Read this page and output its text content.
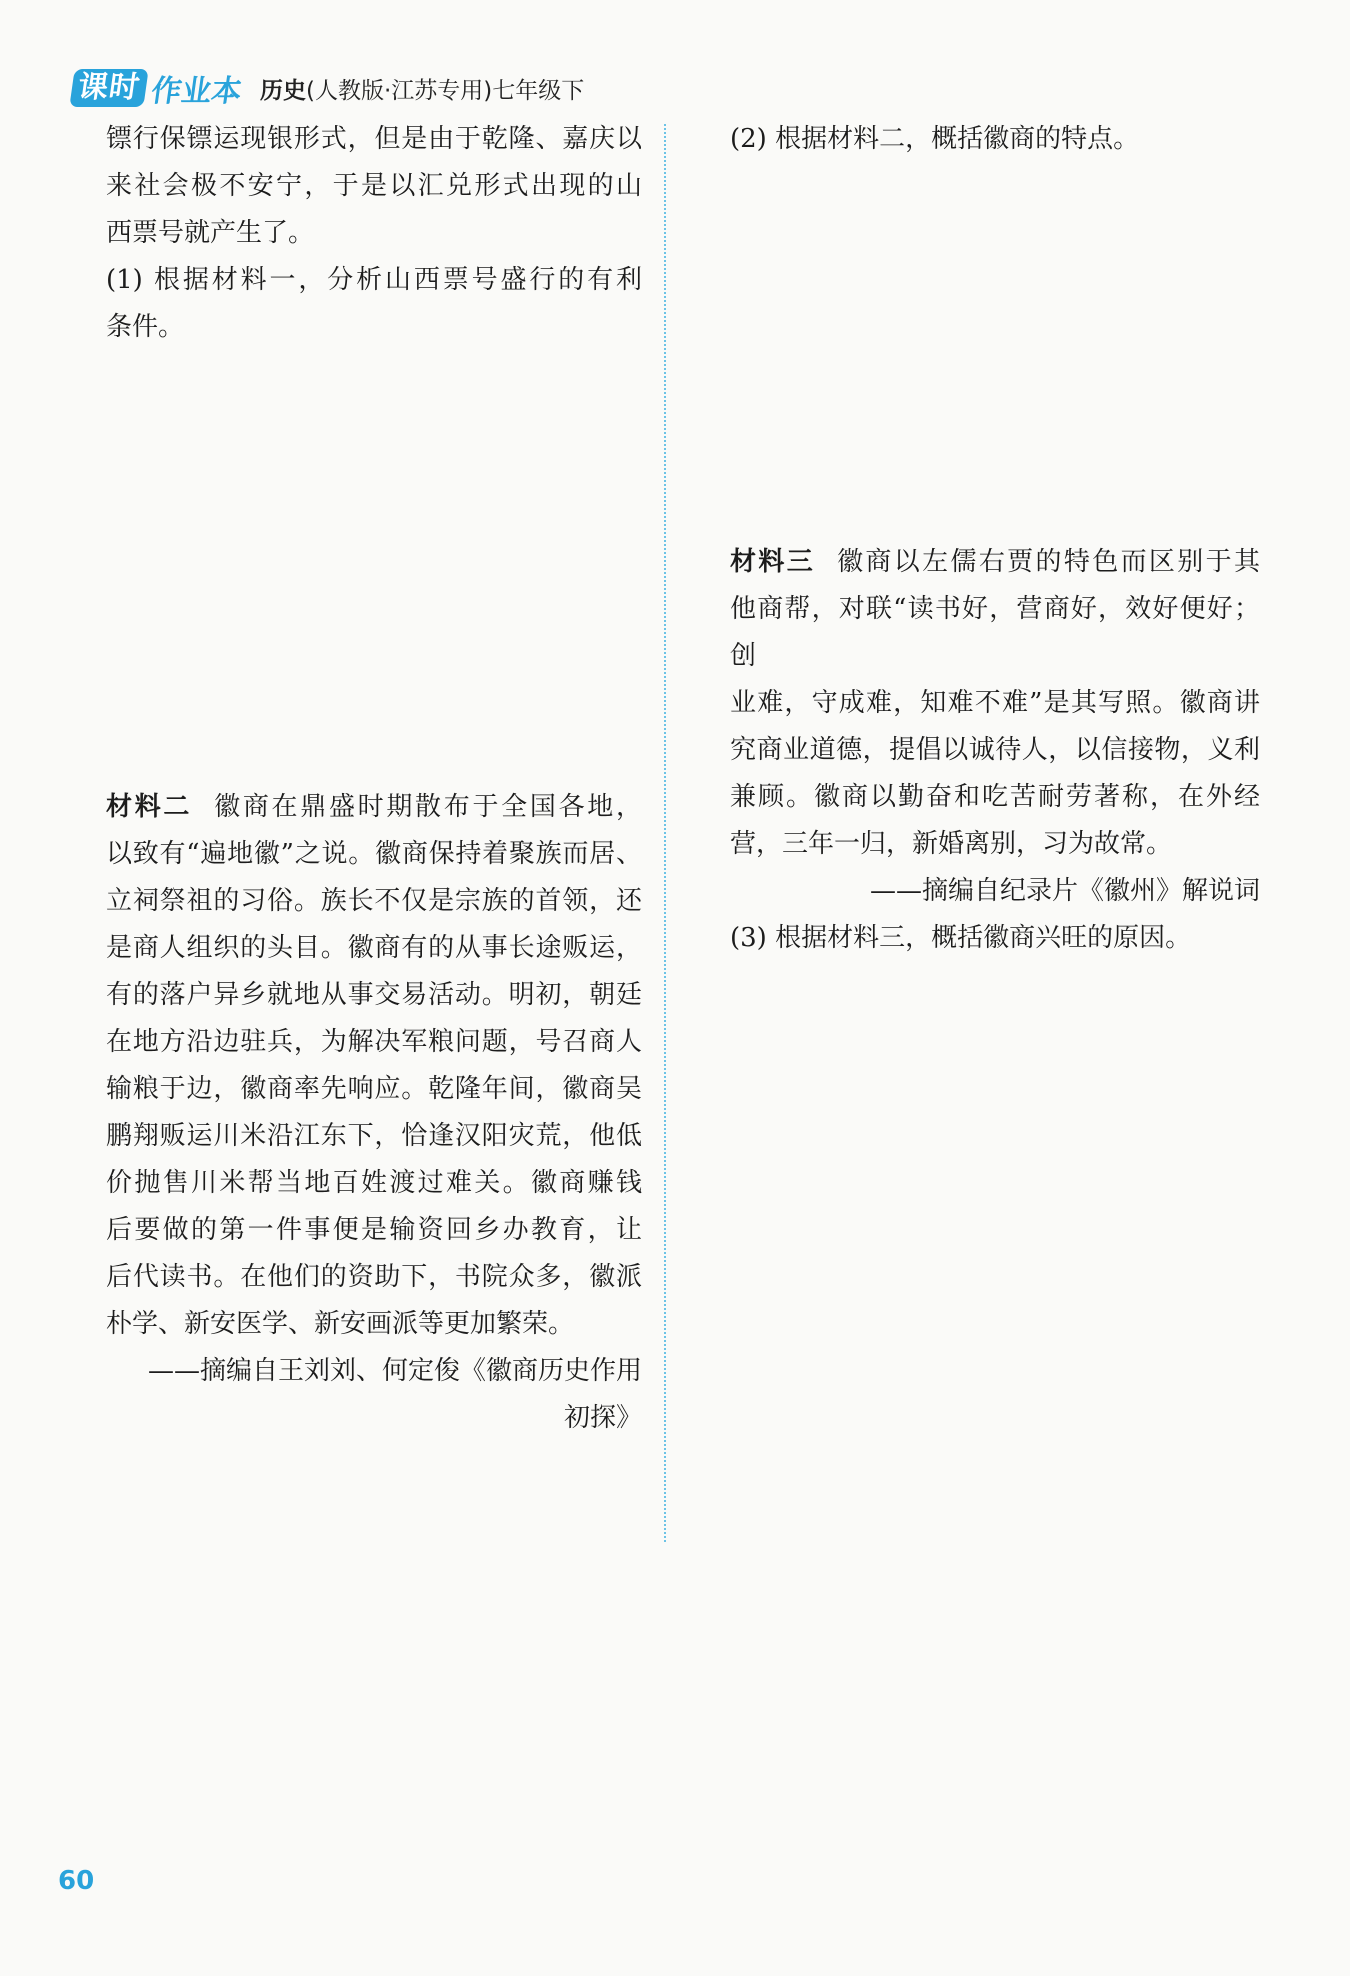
课时 作业本 历史(人教版·江苏专用)七年级下

镖行保镖运现银形式，但是由于乾隆、嘉庆以

来社会极不安宁，于是以汇兑形式出现的山

西票号就产生了。

(1) 根据材料一，分析山西票号盛行的有利

条件。

材料二 徽商在鼎盛时期散布于全国各地，

以致有“遍地徽”之说。徽商保持着聚族而居、

立祠祭祖的习俗。族长不仅是宗族的首领，还

是商人组织的头目。徽商有的从事长途贩运，

有的落户异乡就地从事交易活动。明初，朝廷

在地方沿边驻兵，为解决军粮问题，号召商人

输粮于边，徽商率先响应。乾隆年间，徽商吴

鹏翔贩运川米沿江东下，恰逢汉阳灾荒，他低

价抛售川米帮当地百姓渡过难关。徽商赚钱

后要做的第一件事便是输资回乡办教育，让

后代读书。在他们的资助下，书院众多，徽派

朴学、新安医学、新安画派等更加繁荣。

——摘编自王刘刘、何定俊《徽商历史作用

初探》

(2) 根据材料二，概括徽商的特点。

材料三 徽商以左儒右贾的特色而区别于其

他商帮，对联“读书好，营商好，效好便好；创

业难，守成难，知难不难”是其写照。徽商讲

究商业道德，提倡以诚待人，以信接物，义利

兼顾。徽商以勤奋和吃苦耐劳著称，在外经

营，三年一归，新婚离别，习为故常。

——摘编自纪录片《徽州》解说词

(3) 根据材料三，概括徽商兴旺的原因。

60
